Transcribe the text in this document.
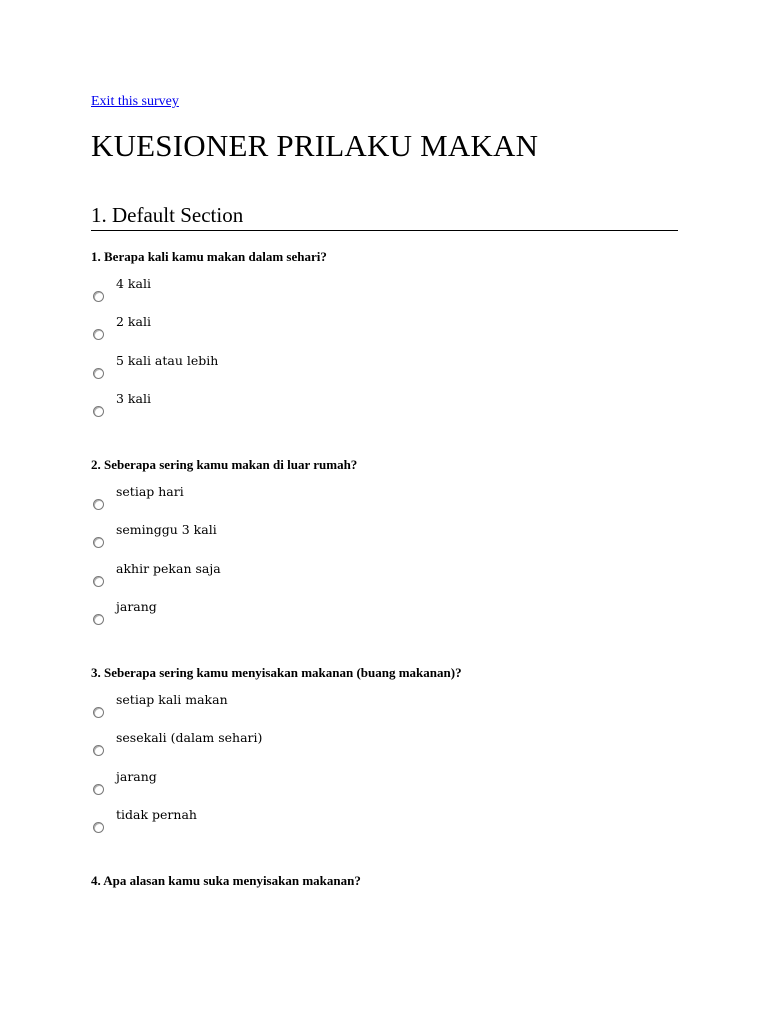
Exit this survey
KUESIONER PRILAKU MAKAN
1. Default Section
1. Berapa kali kamu makan dalam sehari?
4 kali
2 kali
5 kali atau lebih
3 kali
2. Seberapa sering kamu makan di luar rumah?
setiap hari
seminggu 3 kali
akhir pekan saja
jarang
3. Seberapa sering kamu menyisakan makanan (buang makanan)?
setiap kali makan
sesekali (dalam sehari)
jarang
tidak pernah
4. Apa alasan kamu suka menyisakan makanan?
